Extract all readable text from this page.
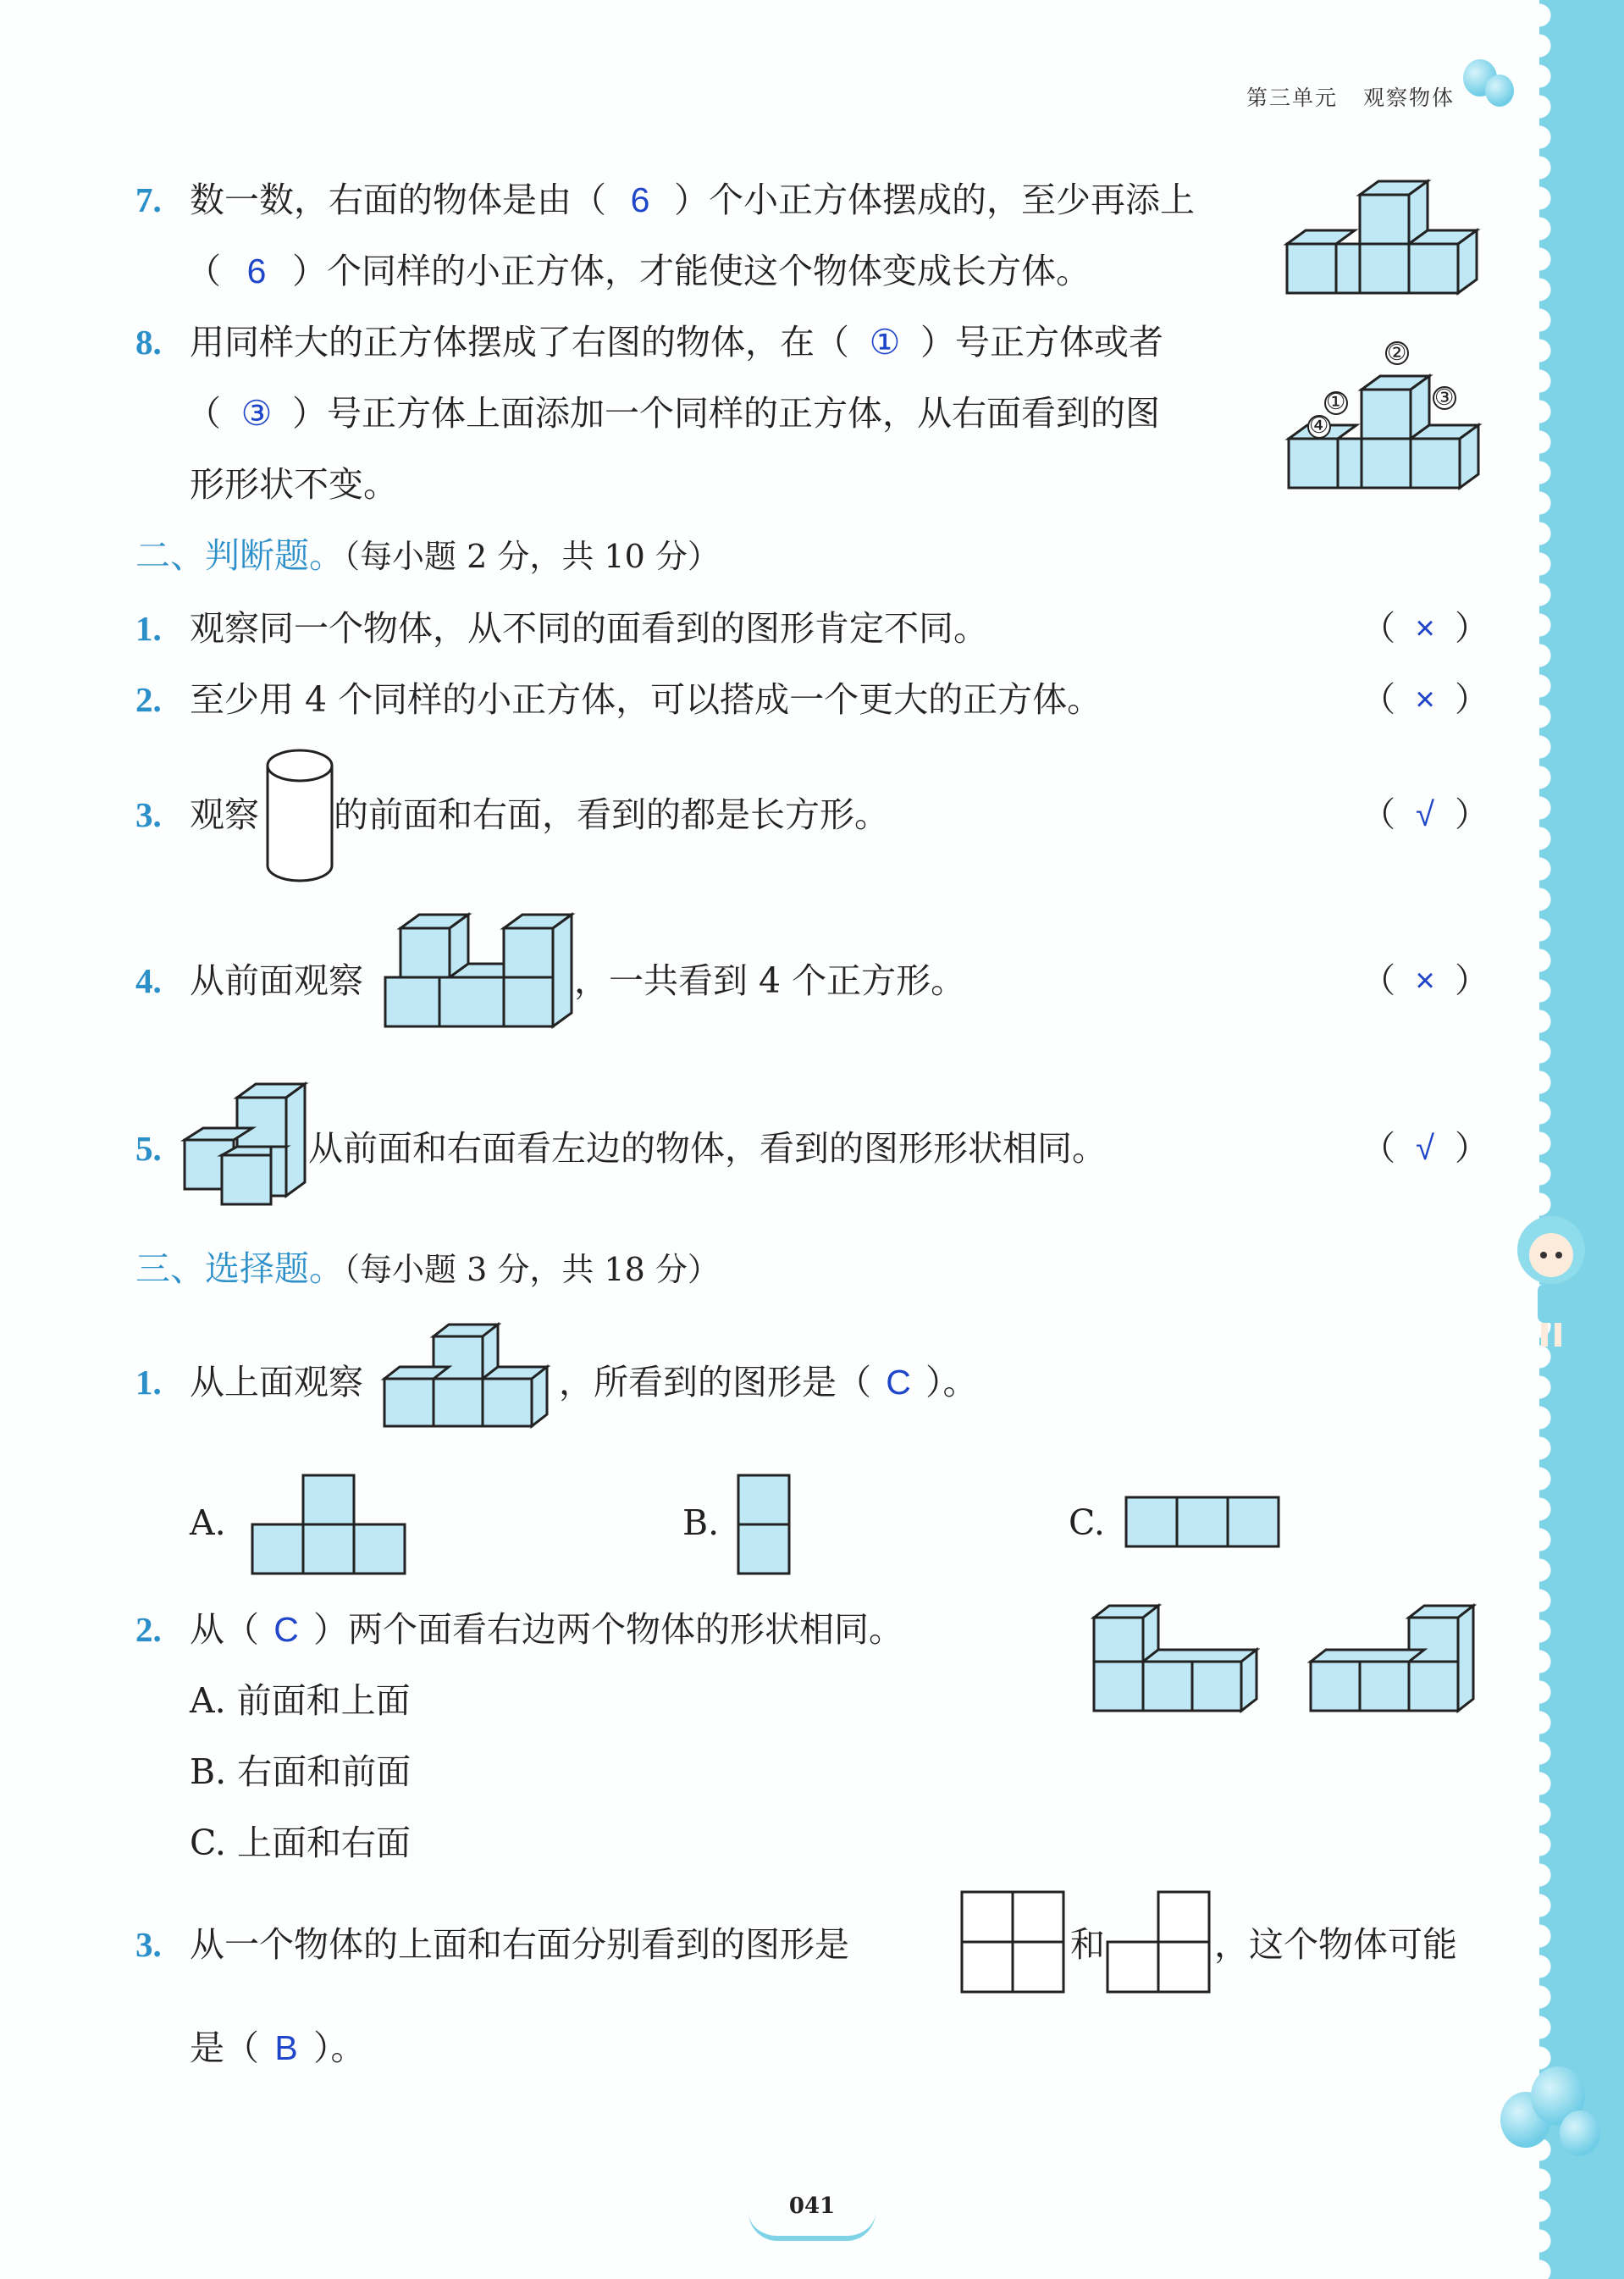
第三单元 观察物体
7. 数一数，右面的物体是由（ 6 ）个小正方体摆成的，至少再添上
（ 6 ）个同样的小正方体，才能使这个物体变成长方体。
8. 用同样大的正方体摆成了右图的物体，在（ ① ）号正方体或者
（ ③ ）号正方体上面添加一个同样的正方体，从右面看到的图
形形状不变。
①
②
③
④
二、判断题。（每小题 2 分，共 10 分）
1. 观察同一个物体，从不同的面看到的图形肯定不同。	（ × ）
2. 至少用 4 个同样的小正方体，可以搭成一个更大的正方体。	（ × ）
3. 观察 的前面和右面，看到的都是长方形。	（ √ ）
4. 从前面观察	，一共看到 4 个正方形。	（ × ）
5.	从前面和右面看左边的物体，看到的图形形状相同。	（ √ ）
三、选择题。（每小题 3 分，共 18 分）
1. 从上面观察	，所看到的图形是（ C ）。
A.	B.	C.
2. 从（ C ）两个面看右边两个物体的形状相同。
A. 前面和上面
B. 右面和前面
C. 上面和右面
3. 从一个物体的上面和右面分别看到的图形是	和	，这个物体可能
是（ B ）。
041
